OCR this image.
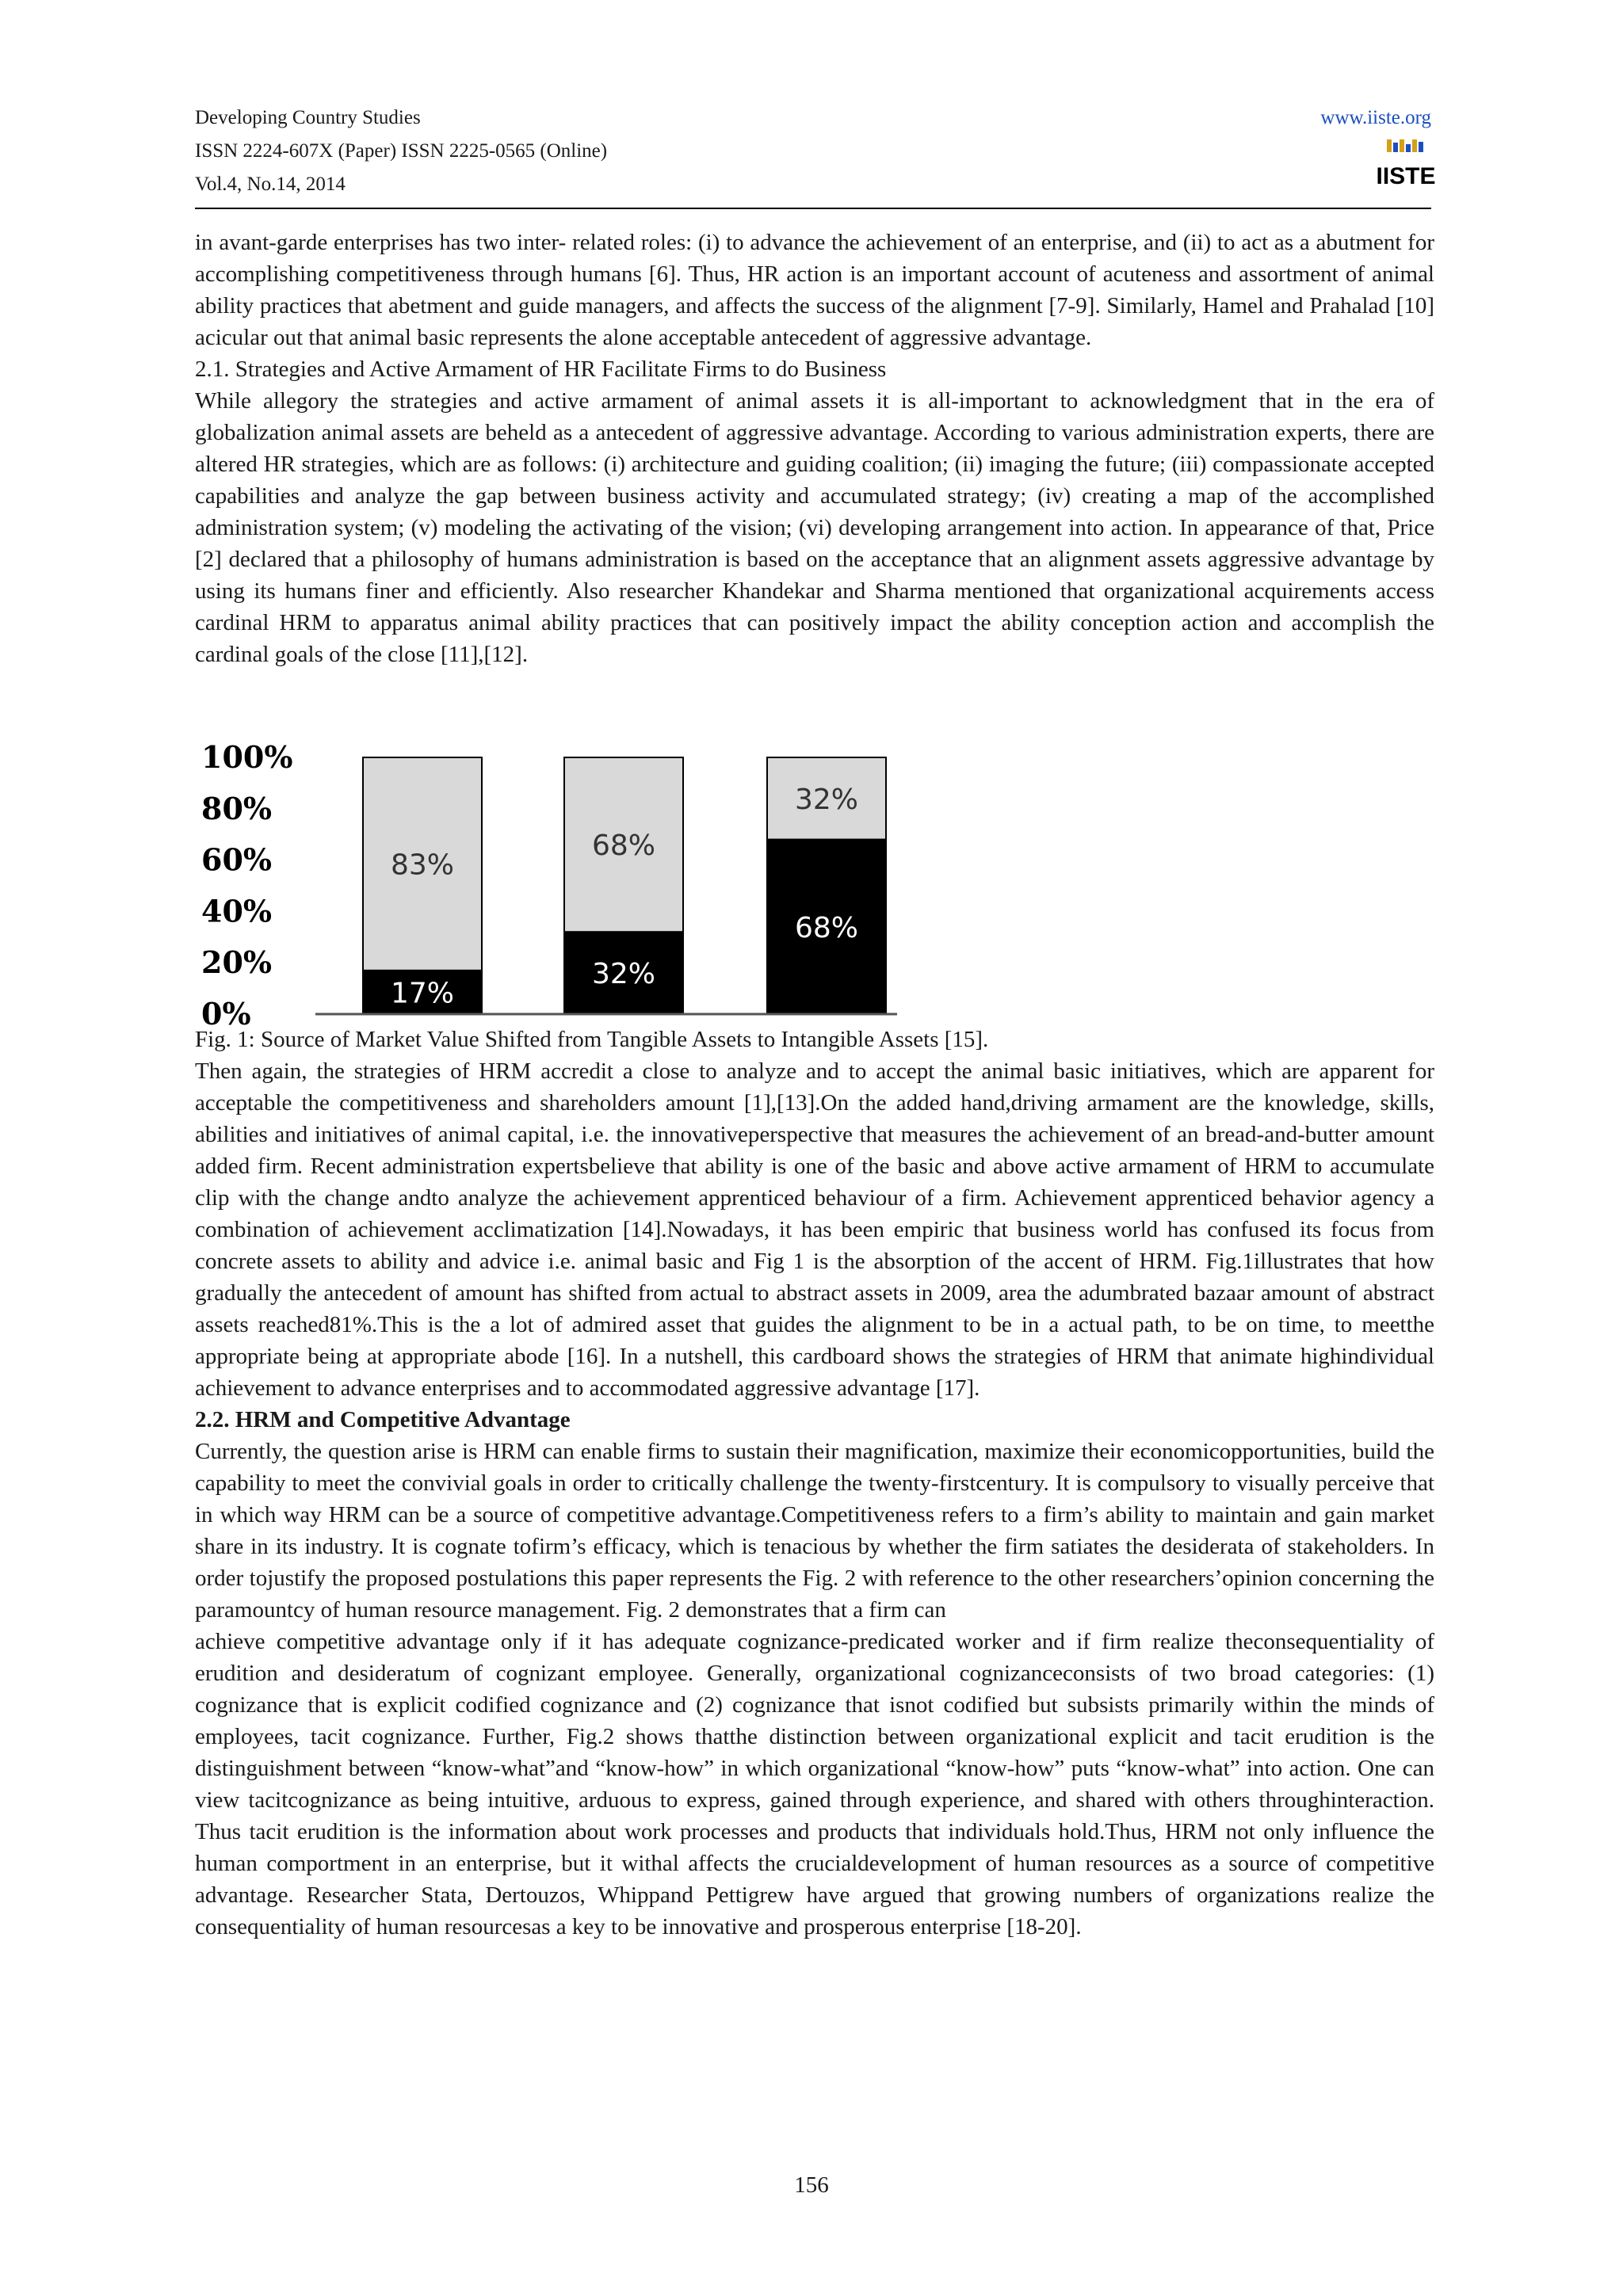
Developing Country Studies
ISSN 2224-607X (Paper) ISSN 2225-0565 (Online)
Vol.4, No.14, 2014
www.iiste.org
IISTE

in avant-garde enterprises has two inter- related roles: (i) to advance the achievement of an enterprise, and (ii) to act as a abutment for accomplishing competitiveness through humans [6]. Thus, HR action is an important account of acuteness and assortment of animal ability practices that abetment and guide managers, and affects the success of the alignment [7-9]. Similarly, Hamel and Prahalad [10] acicular out that animal basic represents the alone acceptable antecedent of aggressive advantage.

2.1. Strategies and Active Armament of HR Facilitate Firms to do Business

While allegory the strategies and active armament of animal assets it is all-important to acknowledgment that in the era of globalization animal assets are beheld as a antecedent of aggressive advantage. According to various administration experts, there are altered HR strategies, which are as follows: (i) architecture and guiding coalition; (ii) imaging the future; (iii) compassionate accepted capabilities and analyze the gap between business activity and accumulated strategy; (iv) creating a map of the accomplished administration system; (v) modeling the activating of the vision; (vi) developing arrangement into action. In appearance of that, Price [2] declared that a philosophy of humans administration is based on the acceptance that an alignment assets aggressive advantage by using its humans finer and efficiently. Also researcher Khandekar and Sharma mentioned that organizational acquirements access cardinal HRM to apparatus animal ability practices that can positively impact the ability conception action and accomplish the cardinal goals of the close [11],[12].

0%
20%
40%
60%
80%
100%
83%
17%
68%
32%
32%
68%

Fig. 1: Source of Market Value Shifted from Tangible Assets to Intangible Assets [15].

Then again, the strategies of HRM accredit a close to analyze and to accept the animal basic initiatives, which are apparent for acceptable the competitiveness and shareholders amount [1],[13].On the added hand,driving armament are the knowledge, skills, abilities and initiatives of animal capital, i.e. the innovativeperspective that measures the achievement of an bread-and-butter amount added firm. Recent administration expertsbelieve that ability is one of the basic and above active armament of HRM to accumulate clip with the change andto analyze the achievement apprenticed behaviour of a firm. Achievement apprenticed behavior agency a combination of achievement acclimatization [14].Nowadays, it has been empiric that business world has confused its focus from concrete assets to ability and advice i.e. animal basic and Fig 1 is the absorption of the accent of HRM. Fig.1illustrates that how gradually the antecedent of amount has shifted from actual to abstract assets in 2009, area the adumbrated bazaar amount of abstract assets reached81%.This is the a lot of admired asset that guides the alignment to be in a actual path, to be on time, to meetthe appropriate being at appropriate abode [16]. In a nutshell, this cardboard shows the strategies of HRM that animate highindividual achievement to advance enterprises and to accommodated aggressive advantage [17].

2.2. HRM and Competitive Advantage

Currently, the question arise is HRM can enable firms to sustain their magnification, maximize their economicopportunities, build the capability to meet the convivial goals in order to critically challenge the twenty-firstcentury. It is compulsory to visually perceive that in which way HRM can be a source of competitive advantage.Competitiveness refers to a firm’s ability to maintain and gain market share in its industry. It is cognate tofirm’s efficacy, which is tenacious by whether the firm satiates the desiderata of stakeholders. In order tojustify the proposed postulations this paper represents the Fig. 2 with reference to the other researchers’opinion concerning the paramountcy of human resource management. Fig. 2 demonstrates that a firm can

achieve competitive advantage only if it has adequate cognizance-predicated worker and if firm realize theconsequentiality of erudition and desideratum of cognizant employee. Generally, organizational cognizanceconsists of two broad categories: (1) cognizance that is explicit codified cognizance and (2) cognizance that isnot codified but subsists primarily within the minds of employees, tacit cognizance. Further, Fig.2 shows thatthe distinction between organizational explicit and tacit erudition is the distinguishment between “know-what”and “know-how” in which organizational “know-how” puts “know-what” into action. One can view tacitcognizance as being intuitive, arduous to express, gained through experience, and shared with others throughinteraction. Thus tacit erudition is the information about work processes and products that individuals hold.Thus, HRM not only influence the human comportment in an enterprise, but it withal affects the crucialdevelopment of human resources as a source of competitive advantage. Researcher Stata, Dertouzos, Whippand Pettigrew have argued that growing numbers of organizations realize the consequentiality of human resourcesas a key to be innovative and prosperous enterprise [18-20].

156
